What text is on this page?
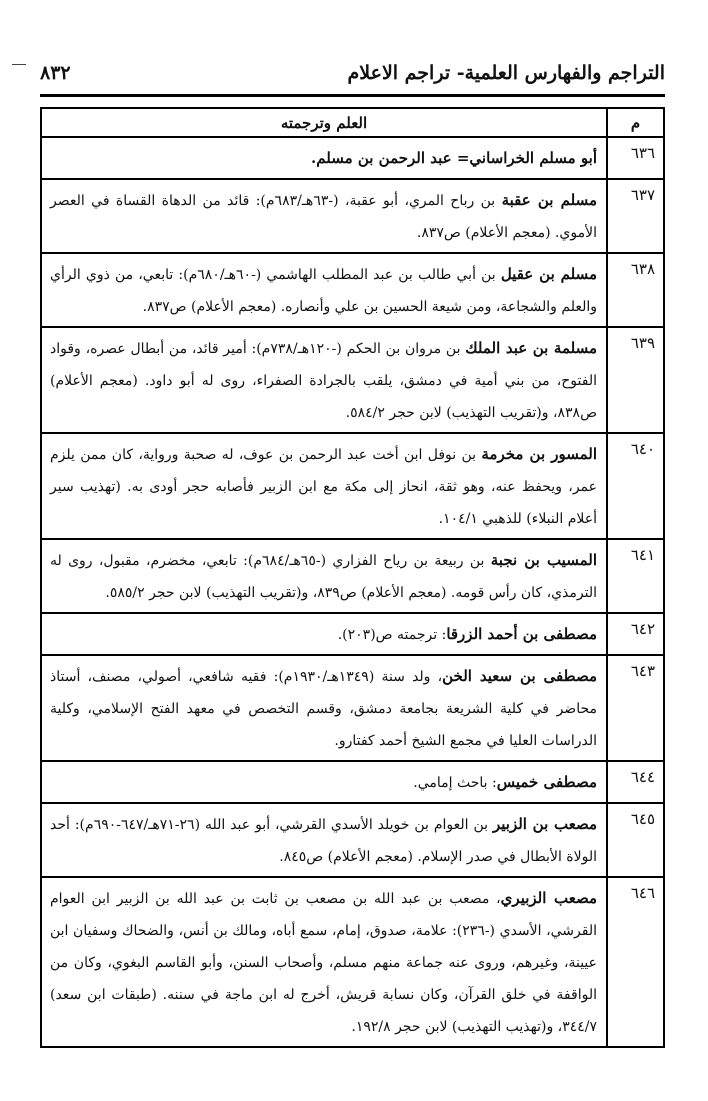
التراجم والفهارس العلمية- تراجم الاعلام
٨٣٢
م	العلم وترجمته
٦٣٦	أبو مسلم الخراساني= عبد الرحمن بن مسلم.
٦٣٧	مسلم بن عقبة بن رباح المري، أبو عقبة، (-٦٣هـ/٦٨٣م): قائد من الدهاة القساة في العصر الأموي. (معجم الأعلام) ص٨٣٧.
٦٣٨	مسلم بن عقيل بن أبي طالب بن عبد المطلب الهاشمي (-٦٠هـ/٦٨٠م): تابعي، من ذوي الرأي والعلم والشجاعة، ومن شيعة الحسين بن علي وأنصاره. (معجم الأعلام) ص٨٣٧.
٦٣٩	مسلمة بن عبد الملك بن مروان بن الحكم (-١٢٠هـ/٧٣٨م): أمير قائد، من أبطال عصره، وقواد الفتوح، من بني أمية في دمشق، يلقب بالجرادة الصفراء، روى له أبو داود. (معجم الأعلام) ص٨٣٨، و(تقريب التهذيب) لابن حجر ٥٨٤/٢.
٦٤٠	المسور بن مخرمة بن نوفل ابن أخت عبد الرحمن بن عوف، له صحبة ورواية، كان ممن يلزم عمر، ويحفظ عنه، وهو ثقة، انحاز إلى مكة مع ابن الزبير فأصابه حجر أودى به. (تهذيب سير أعلام النبلاء) للذهبي ١٠٤/١.
٦٤١	المسيب بن نجبة بن ربيعة بن رياح الفزاري (-٦٥هـ/٦٨٤م): تابعي، مخضرم، مقبول، روى له الترمذي، كان رأس قومه. (معجم الأعلام) ص٨٣٩، و(تقريب التهذيب) لابن حجر ٥٨٥/٢.
٦٤٢	مصطفى بن أحمد الزرقا: ترجمته ص(٢٠٣).
٦٤٣	مصطفى بن سعيد الخن، ولد سنة (١٣٤٩هـ/١٩٣٠م): فقيه شافعي، أصولي، مصنف، أستاذ محاضر في كلية الشريعة بجامعة دمشق، وقسم التخصص في معهد الفتح الإسلامي، وكلية الدراسات العليا في مجمع الشيخ أحمد كفتارو.
٦٤٤	مصطفى خميس: باحث إمامي.
٦٤٥	مصعب بن الزبير بن العوام بن خويلد الأسدي القرشي، أبو عبد الله (٢٦-٧١هـ/٦٤٧-٦٩٠م): أحد الولاة الأبطال في صدر الإسلام. (معجم الأعلام) ص٨٤٥.
٦٤٦	مصعب الزبيري، مصعب بن عبد الله بن مصعب بن ثابت بن عبد الله بن الزبير ابن العوام القرشي، الأسدي (-٢٣٦): علامة، صدوق، إمام، سمع أباه، ومالك بن أنس، والضحاك وسفيان ابن عيينة، وغيرهم، وروى عنه جماعة منهم مسلم، وأصحاب السنن، وأبو القاسم البغوي، وكان من الواقفة في خلق القرآن، وكان نسابة قريش، أخرج له ابن ماجة في سننه. (طبقات ابن سعد) ٣٤٤/٧، و(تهذيب التهذيب) لابن حجر ١٩٢/٨.
